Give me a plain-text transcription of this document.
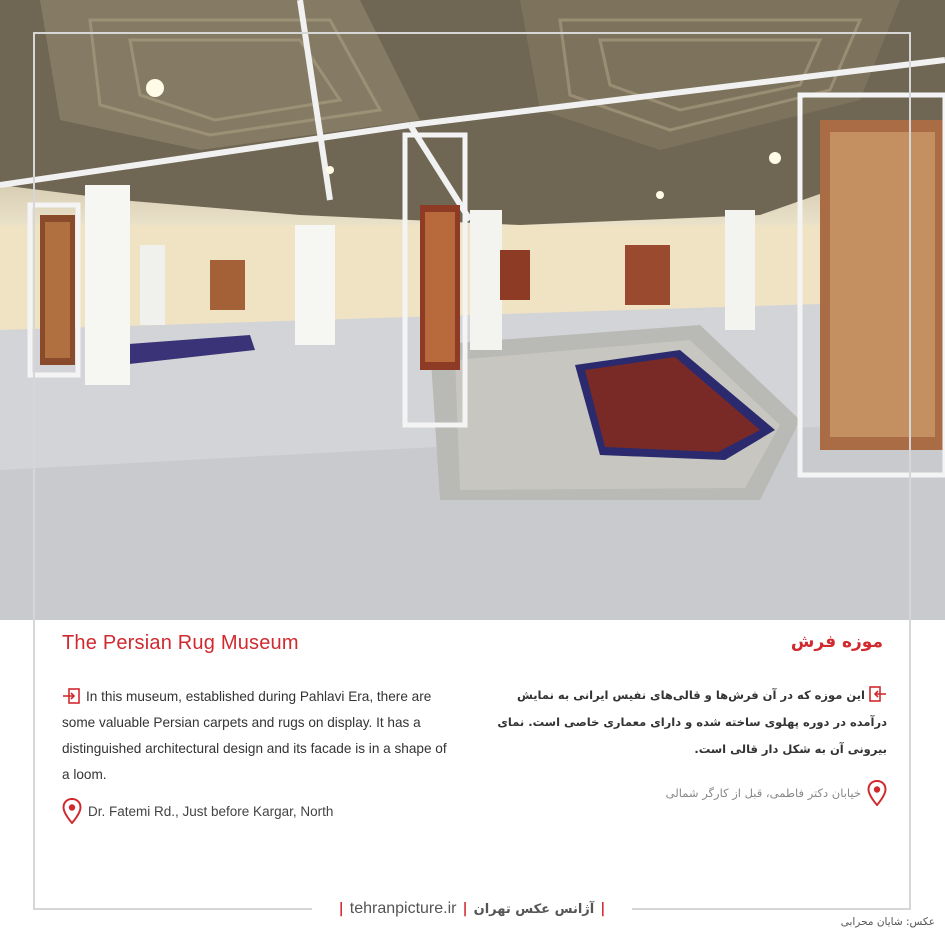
The Persian Rug Museum	موزه فرش

In this museum, established during Pahlavi Era, there are some valuable Persian carpets and rugs on display. It has a distinguished architectural design and its facade is in a shape of a loom.

این موزه که در آن فرش‌ها و قالی‌های نفیس ایرانی به نمایش درآمده در دوره پهلوی ساخته شده و دارای معماری خاصی است. نمای بیرونی آن به شکل دار قالی است.

Dr. Fatemi Rd., Just before Kargar, North
خیابان دکتر فاطمی، قبل از کارگر شمالی
| tehranpicture.ir | آژانس عکس تهران |
عکس: شایان محرابی
